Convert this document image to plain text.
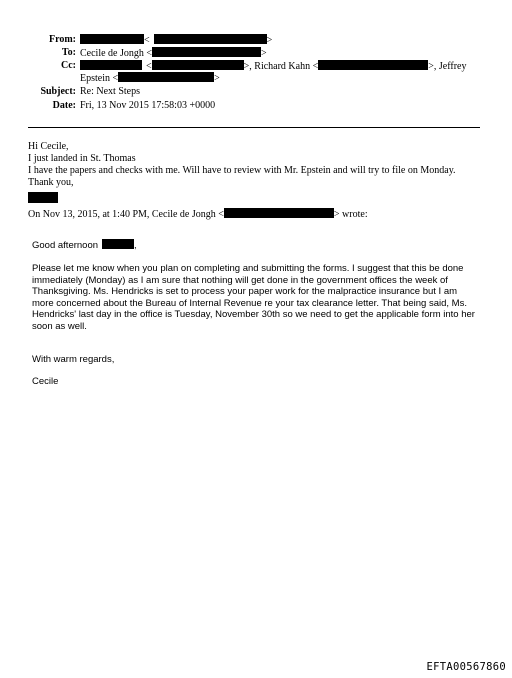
From:	<	>
To: Cecile de Jongh <	>
Cc:	<	>, Richard Kahn <	>, Jeffrey
Epstein <	>
Subject: Re: Next Steps
Date: Fri, 13 Nov 2015 17:58:03 +0000
Hi Cecile,
I just landed in St. Thomas
I have the papers and checks with me. Will have to review with Mr. Epstein and will try to file on Monday.
Thank you,
On Nov 13, 2015, at 1:40 PM, Cecile de Jongh <	> wrote:
Good afternoon	,
Please let me know when you plan on completing and submitting the forms. I suggest that this be done immediately (Monday) as I am sure that nothing will get done in the government offices the week of Thanksgiving. Ms. Hendricks is set to process your paper work for the malpractice insurance but I am more concerned about the Bureau of Internal Revenue re your tax clearance letter. That being said, Ms. Hendricks' last day in the office is Tuesday, November 30th so we need to get the applicable form into her soon as well.
With warm regards,
Cecile
EFTA00567860
